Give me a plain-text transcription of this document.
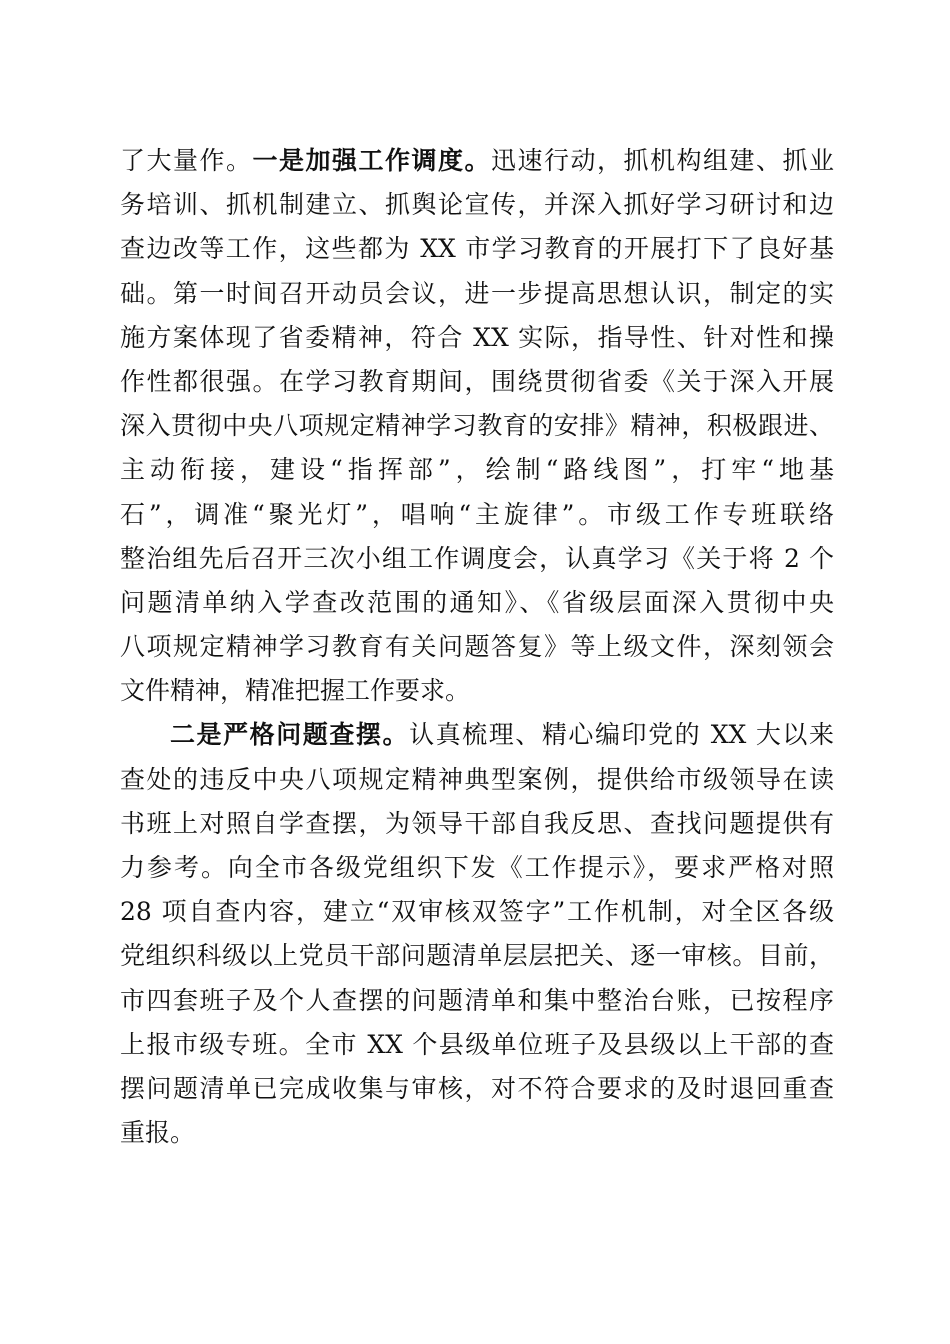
了大量作。一是加强工作调度。迅速行动，抓机构组建、抓业
务培训、抓机制建立、抓舆论宣传，并深入抓好学习研讨和边
查边改等工作，这些都为 XX 市学习教育的开展打下了良好基
础。第一时间召开动员会议，进一步提高思想认识，制定的实
施方案体现了省委精神，符合 XX 实际，指导性、针对性和操
作性都很强。在学习教育期间，围绕贯彻省委《关于深入开展
深入贯彻中央八项规定精神学习教育的安排》精神，积极跟进、
主动衔接，建设“指挥部”，绘制“路线图”，打牢“地基
石”，调准“聚光灯”，唱响“主旋律”。市级工作专班联络
整治组先后召开三次小组工作调度会，认真学习《关于将 2 个
问题清单纳入学查改范围的通知》、《省级层面深入贯彻中央
八项规定精神学习教育有关问题答复》等上级文件，深刻领会
文件精神，精准把握工作要求。
二是严格问题查摆。认真梳理、精心编印党的 XX 大以来
查处的违反中央八项规定精神典型案例，提供给市级领导在读
书班上对照自学查摆，为领导干部自我反思、查找问题提供有
力参考。向全市各级党组织下发《工作提示》，要求严格对照
28 项自查内容，建立“双审核双签字”工作机制，对全区各级
党组织科级以上党员干部问题清单层层把关、逐一审核。目前，
市四套班子及个人查摆的问题清单和集中整治台账，已按程序
上报市级专班。全市 XX 个县级单位班子及县级以上干部的查
摆问题清单已完成收集与审核，对不符合要求的及时退回重查
重报。
